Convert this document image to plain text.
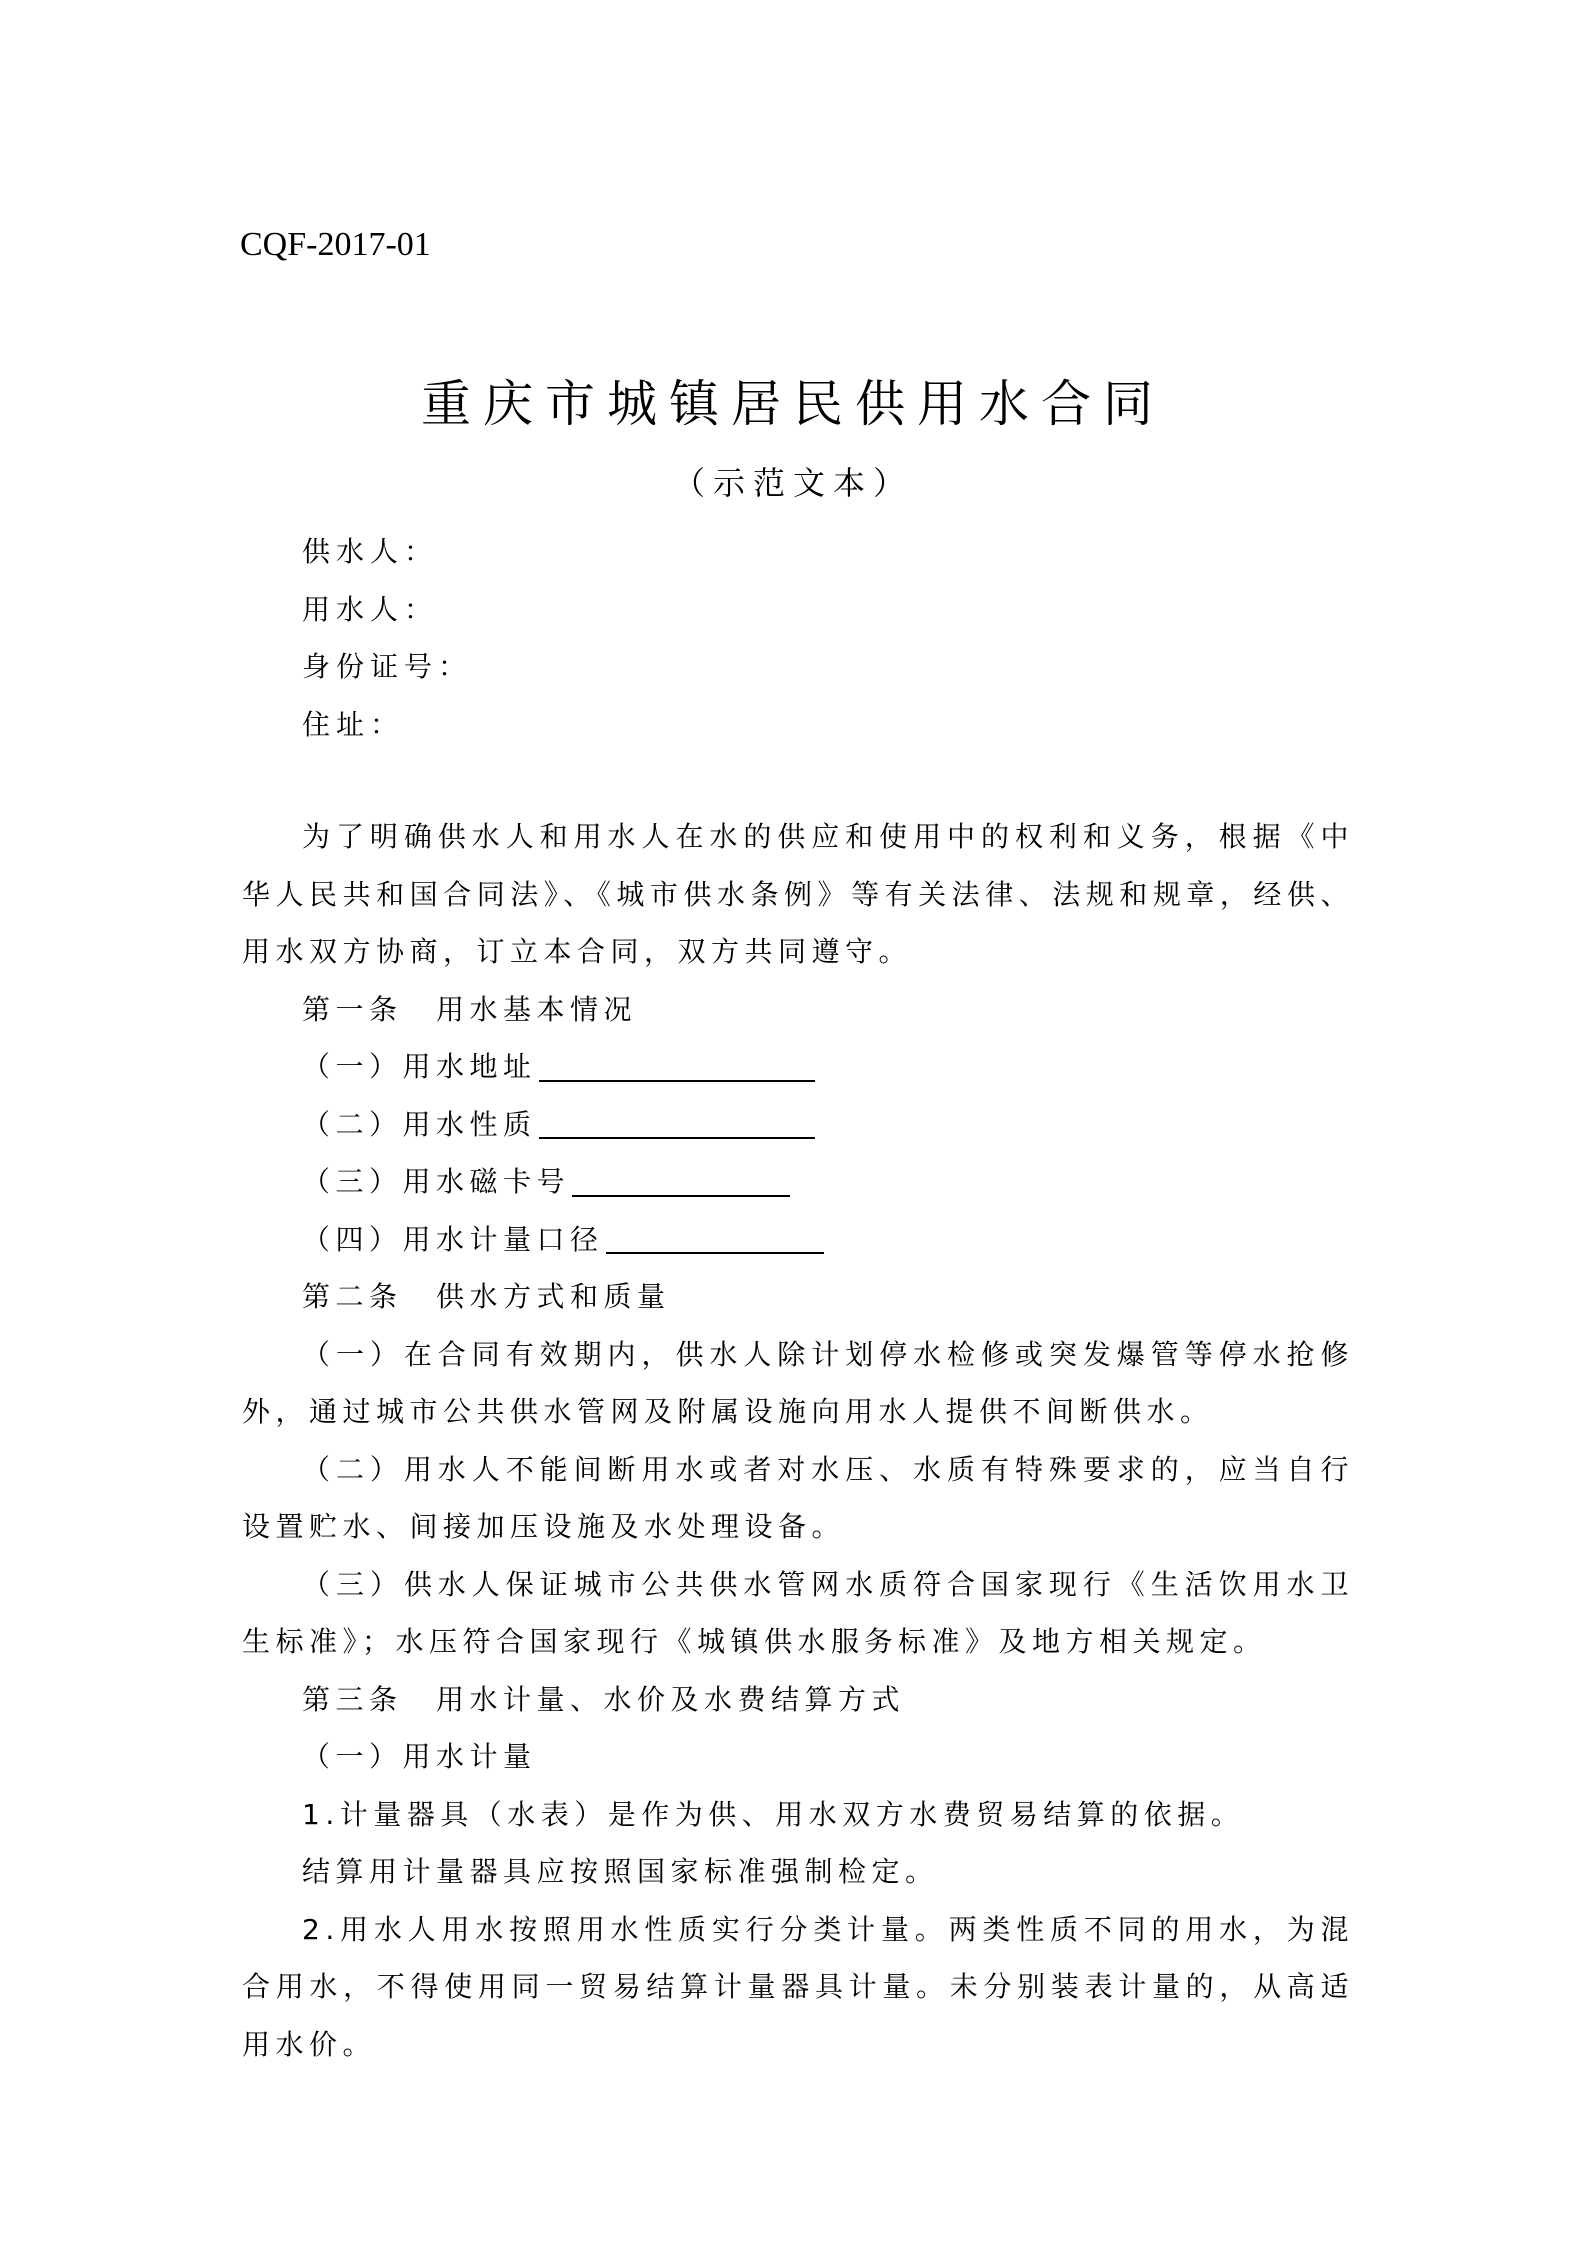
CQF-2017-01
重庆市城镇居民供用水合同
（示范文本）
供水人：
用水人：
身份证号：
住址：

为了明确供水人和用水人在水的供应和使用中的权利和义务，根据《中华人民共和国合同法》、《城市供水条例》等有关法律、法规和规章，经供、用水双方协商，订立本合同，双方共同遵守。

第一条　用水基本情况

（一）用水地址

（二）用水性质

（三）用水磁卡号

（四）用水计量口径

第二条　供水方式和质量

（一）在合同有效期内，供水人除计划停水检修或突发爆管等停水抢修外，通过城市公共供水管网及附属设施向用水人提供不间断供水。

（二）用水人不能间断用水或者对水压、水质有特殊要求的，应当自行设置贮水、间接加压设施及水处理设备。

（三）供水人保证城市公共供水管网水质符合国家现行《生活饮用水卫生标准》；水压符合国家现行《城镇供水服务标准》及地方相关规定。

第三条　用水计量、水价及水费结算方式

（一）用水计量

1.计量器具（水表）是作为供、用水双方水费贸易结算的依据。

结算用计量器具应按照国家标准强制检定。

2.用水人用水按照用水性质实行分类计量。两类性质不同的用水，为混合用水，不得使用同一贸易结算计量器具计量。未分别装表计量的，从高适用水价。
